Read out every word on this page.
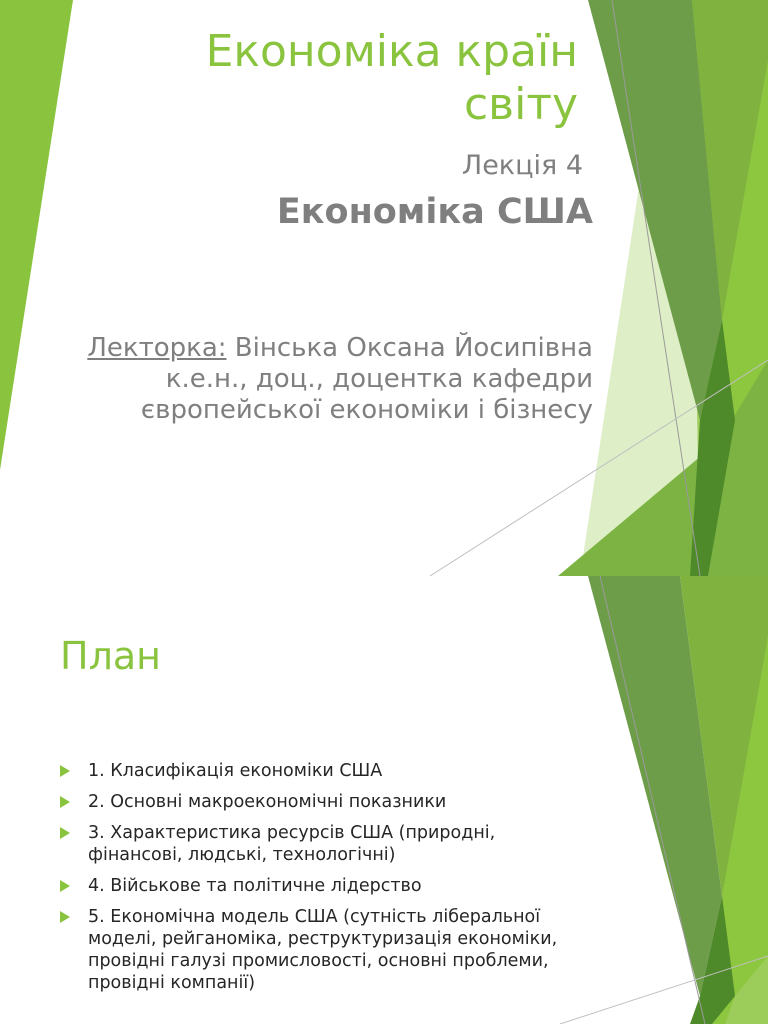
Економіка країн
світу
Лекція 4
Економіка США
Лекторка: Вінська Оксана Йосипівна к.е.н., доц., доцентка кафедри європейської економіки і бізнесу
План
1. Класифікація економіки США
2. Основні макроекономічні показники
3. Характеристика ресурсів США (природні, фінансові, людські, технологічні)
4. Військове та політичне лідерство
5. Економічна модель США (сутність ліберальної моделі, рейганоміка, реструктуризація економіки, провідні галузі промисловості, основні проблеми, провідні компанії)
